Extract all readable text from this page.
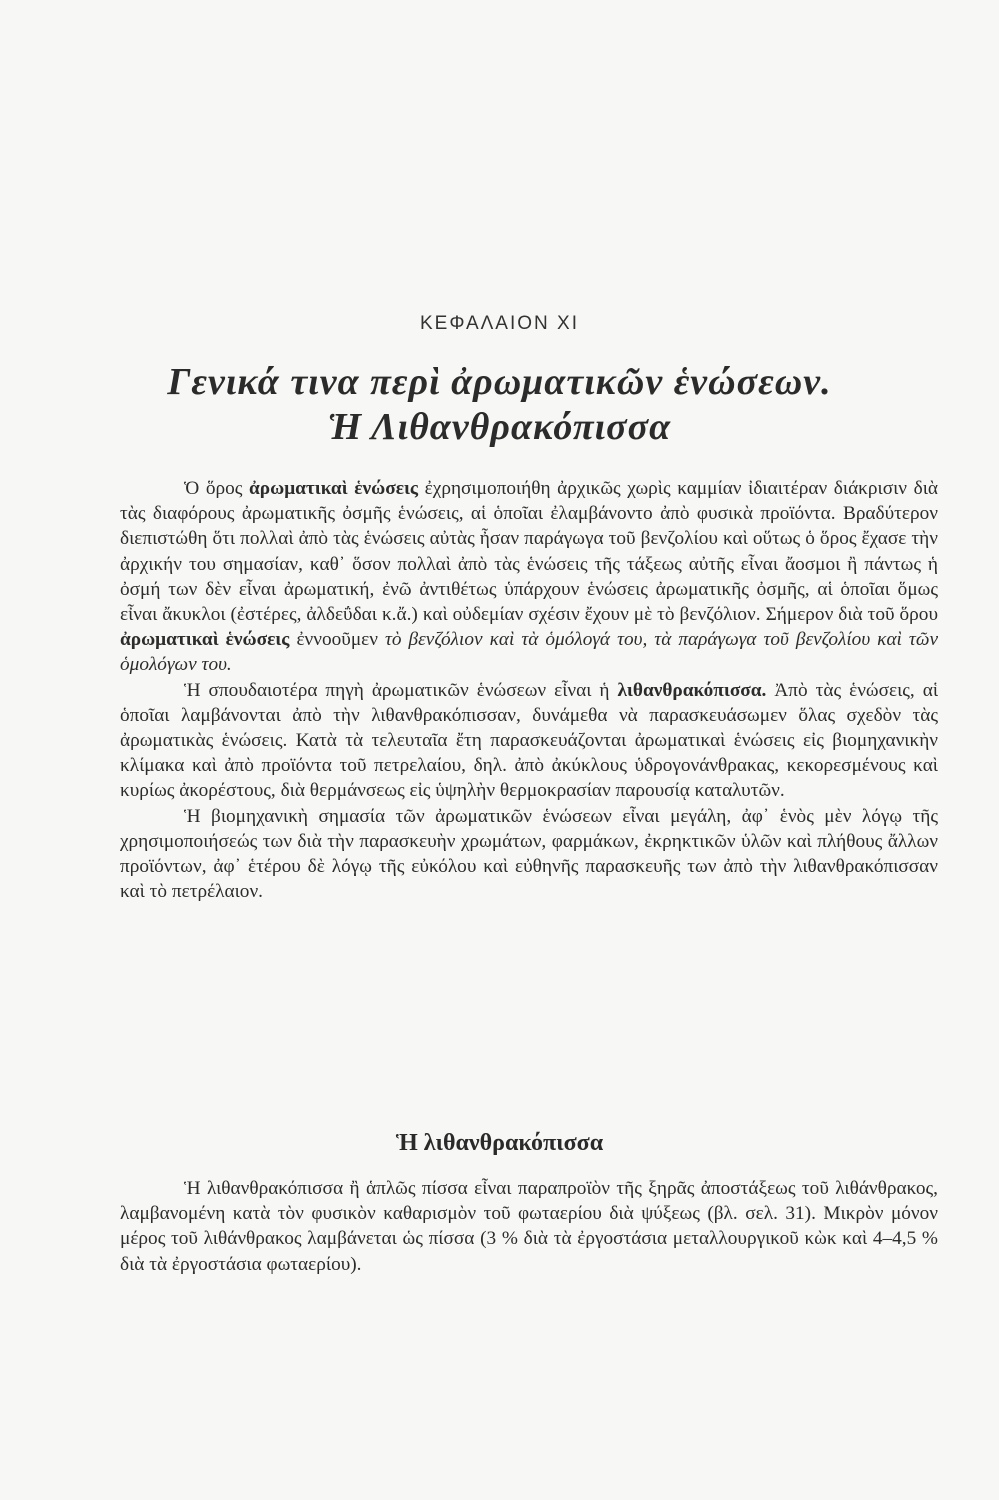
ΚΕΦΑΛΑΙΟΝ XI
Γενικά τινα περὶ ἀρωματικῶν ἑνώσεων.
Ἡ Λιθανθρακόπισσα

Ὁ ὅρος ἀρωματικαὶ ἑνώσεις ἐχρησιμοποιήθη ἀρχικῶς χωρὶς καμμίαν ἰδιαιτέραν διάκρισιν διὰ τὰς διαφόρους ἀρωματικῆς ὀσμῆς ἑνώσεις, αἱ ὁποῖαι ἐλαμβάνοντο ἀπὸ φυσικὰ προϊόντα. Βραδύτερον διεπιστώθη ὅτι πολλαὶ ἀπὸ τὰς ἑνώσεις αὐτὰς ἦσαν παράγωγα τοῦ βενζολίου καὶ οὕτως ὁ ὅρος ἔχασε τὴν ἀρχικήν του σημασίαν, καθ᾽ ὅσον πολλαὶ ἀπὸ τὰς ἑνώσεις τῆς τάξεως αὐτῆς εἶναι ἄοσμοι ἢ πάντως ἡ ὀσμή των δὲν εἶναι ἀρωματική, ἐνῶ ἀντιθέτως ὑπάρχουν ἑνώσεις ἀρωματικῆς ὀσμῆς, αἱ ὁποῖαι ὅμως εἶναι ἄκυκλοι (ἐστέρες, ἀλδεΰδαι κ.ἄ.) καὶ οὐδεμίαν σχέσιν ἔχουν μὲ τὸ βενζόλιον. Σήμερον διὰ τοῦ ὅρου ἀρωματικαὶ ἑνώσεις ἐννοοῦμεν τὸ βενζόλιον καὶ τὰ ὁμόλογά του, τὰ παράγωγα τοῦ βενζολίου καὶ τῶν ὁμολόγων του.

Ἡ σπουδαιοτέρα πηγὴ ἀρωματικῶν ἑνώσεων εἶναι ἡ λιθανθρακόπισσα. Ἀπὸ τὰς ἑνώσεις, αἱ ὁποῖαι λαμβάνονται ἀπὸ τὴν λιθανθρακόπισσαν, δυνάμεθα νὰ παρασκευάσωμεν ὅλας σχεδὸν τὰς ἀρωματικὰς ἑνώσεις. Κατὰ τὰ τελευταῖα ἔτη παρασκευάζονται ἀρωματικαὶ ἑνώσεις εἰς βιομηχανικὴν κλίμακα καὶ ἀπὸ προϊόντα τοῦ πετρελαίου, δηλ. ἀπὸ ἀκύκλους ὑδρογονάνθρακας, κεκορεσμένους καὶ κυρίως ἀκορέστους, διὰ θερμάνσεως εἰς ὑψηλὴν θερμοκρασίαν παρουσίᾳ καταλυτῶν.

Ἡ βιομηχανικὴ σημασία τῶν ἀρωματικῶν ἑνώσεων εἶναι μεγάλη, ἀφ᾽ ἑνὸς μὲν λόγῳ τῆς χρησιμοποιήσεώς των διὰ τὴν παρασκευὴν χρωμάτων, φαρμάκων, ἐκρηκτικῶν ὑλῶν καὶ πλήθους ἄλλων προϊόντων, ἀφ᾽ ἑτέρου δὲ λόγῳ τῆς εὐκόλου καὶ εὐθηνῆς παρασκευῆς των ἀπὸ τὴν λιθανθρακόπισσαν καὶ τὸ πετρέλαιον.

Ἡ λιθανθρακόπισσα

Ἡ λιθανθρακόπισσα ἢ ἁπλῶς πίσσα εἶναι παραπροϊὸν τῆς ξηρᾶς ἀποστάξεως τοῦ λιθάνθρακος, λαμβανομένη κατὰ τὸν φυσικὸν καθαρισμὸν τοῦ φωταερίου διὰ ψύξεως (βλ. σελ. 31). Μικρὸν μόνον μέρος τοῦ λιθάνθρακος λαμβάνεται ὡς πίσσα (3 % διὰ τὰ ἐργοστάσια μεταλλουργικοῦ κὼκ καὶ 4–4,5 % διὰ τὰ ἐργοστάσια φωταερίου).
